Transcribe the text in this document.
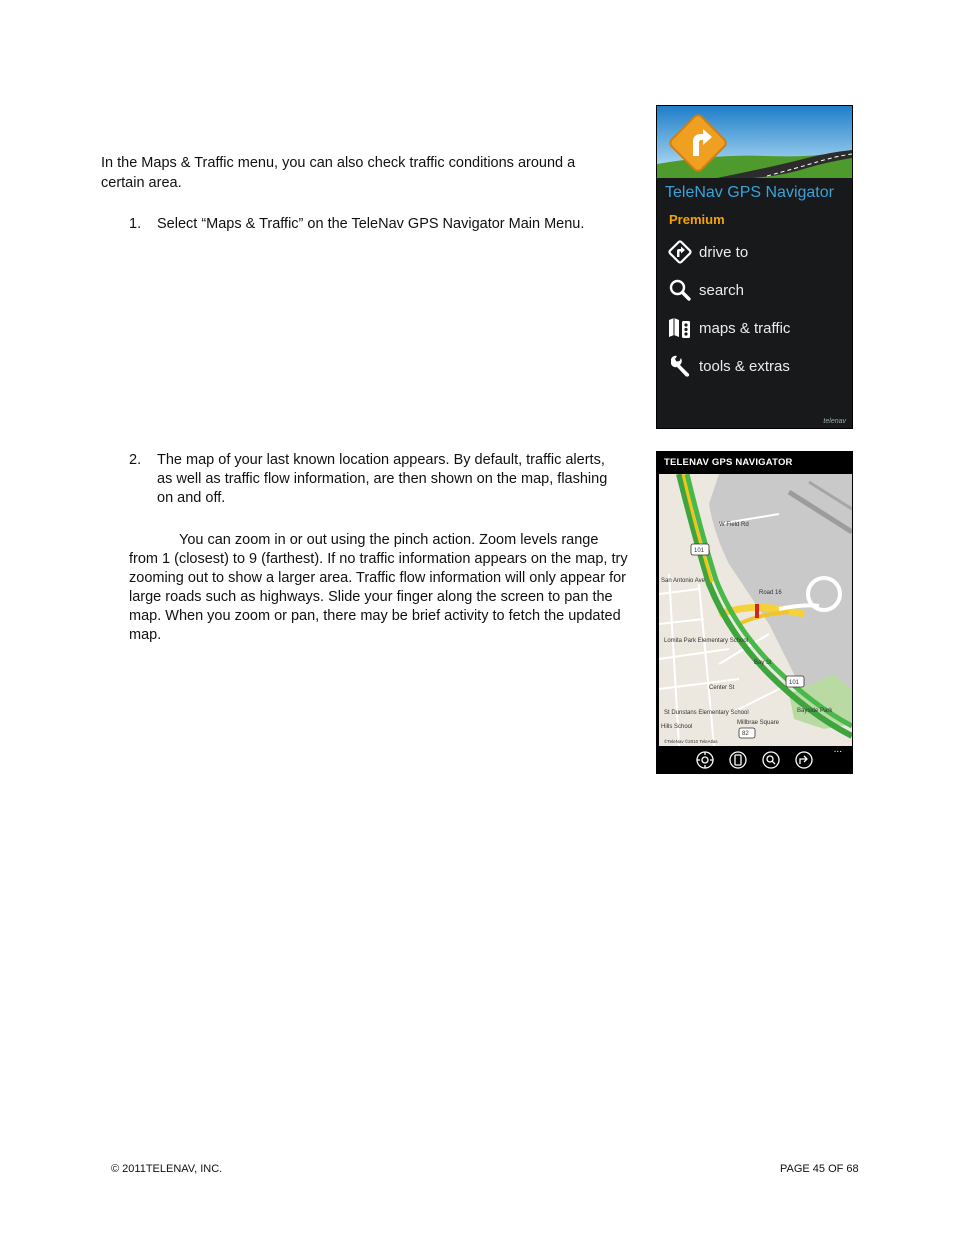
In the Maps & Traffic menu, you can also check traffic conditions around a certain area.

1. Select “Maps & Traffic” on the TeleNav GPS Navigator Main Menu.
2. The map of your last known location appears. By default, traffic alerts, as well as traffic flow information, are then shown on the map, flashing on and off.

You can zoom in or out using the pinch action. Zoom levels range from 1 (closest) to 9 (farthest). If no traffic information appears on the map, try zooming out to show a larger area. Traffic flow information will only appear for large roads such as highways. Slide your finger along the screen to pan the map. When you zoom or pan, there may be brief activity to fetch the updated map.

TeleNav GPS Navigator
Premium
drive to
search
maps & traffic
tools & extras
telenav
TELENAV GPS NAVIGATOR
101
101
82
W Field Rd
Road 16
San Antonio Ave
Bay St
Center St
Lomita Park Elementary School
St Dunstans Elementary School
Hills School
Millbrae Square
Bayside Park
©TeleNav ©2010 TeleAtlas
...
© 2011TELENAV, INC.	PAGE 45 OF 68
